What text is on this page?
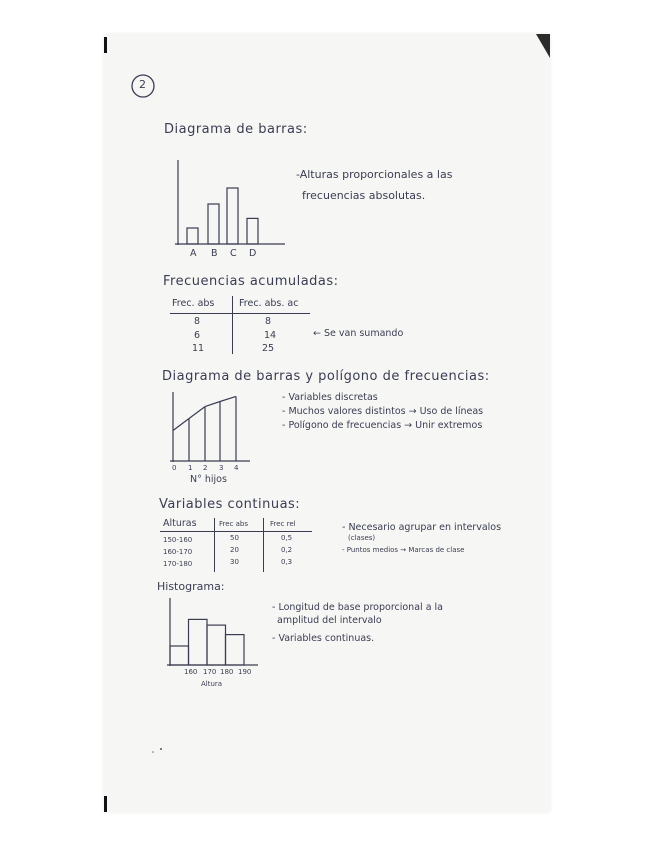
2
Diagrama de barras:
A B C D
-Alturas proporcionales a las
frecuencias absolutas.
Frecuencias acumuladas:
Frec. abs	Frec. abs. ac
8	8
6	14
11	25
← Se van sumando
Diagrama de barras y polígono de frecuencias:
0 1 2 3 4
N° hijos
- Variables discretas
- Muchos valores distintos → Uso de líneas
- Polígono de frecuencias → Unir extremos
Variables continuas:
Alturas	Frec abs	Frec rel
150-160	50	0,5
160-170	20	0,2
170-180	30	0,3
- Necesario agrupar en intervalos
(clases)
- Puntos medios → Marcas de clase
Histograma:
160 170 180 190
Altura
- Longitud de base proporcional a la
amplitud del intervalo
- Variables continuas.
